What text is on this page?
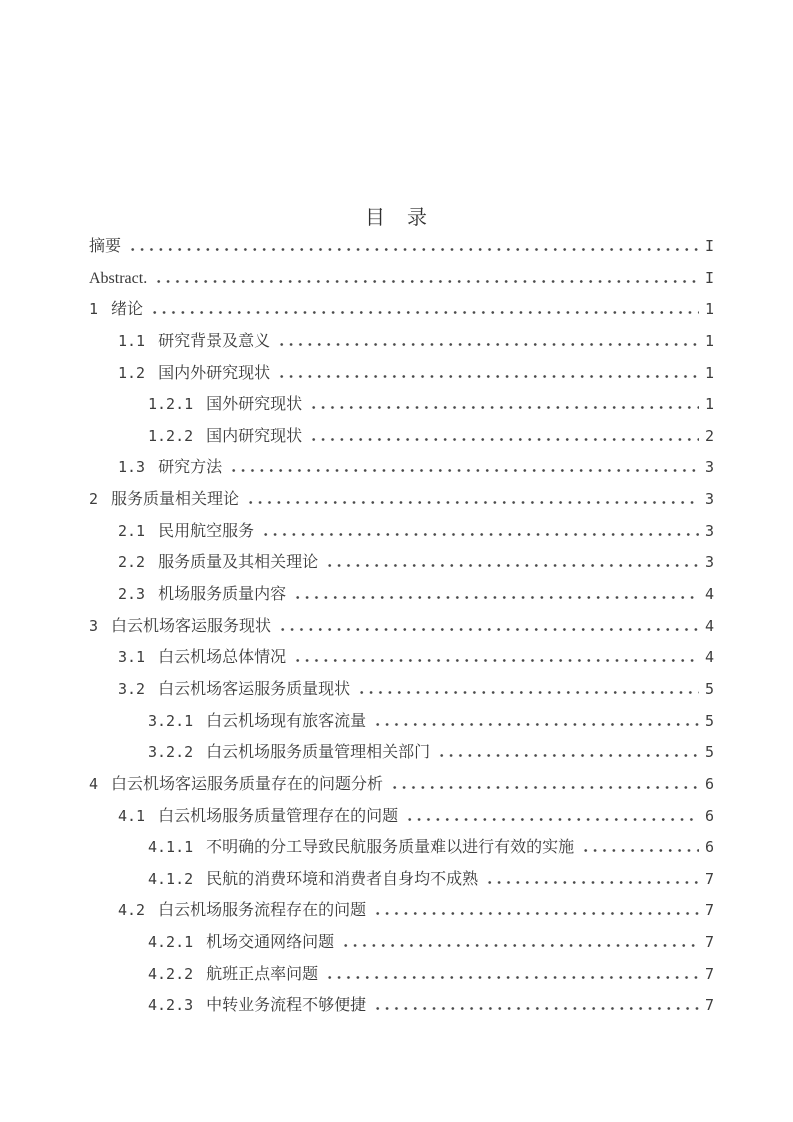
目　录
摘要	I
Abstract.	I
1 绪论	1
1.1 研究背景及意义	1
1.2 国内外研究现状	1
1.2.1 国外研究现状	1
1.2.2 国内研究现状	2
1.3 研究方法	3
2 服务质量相关理论	3
2.1 民用航空服务	3
2.2 服务质量及其相关理论	3
2.3 机场服务质量内容	4
3 白云机场客运服务现状	4
3.1 白云机场总体情况	4
3.2 白云机场客运服务质量现状	5
3.2.1 白云机场现有旅客流量	5
3.2.2 白云机场服务质量管理相关部门	5
4 白云机场客运服务质量存在的问题分析	6
4.1 白云机场服务质量管理存在的问题	6
4.1.1 不明确的分工导致民航服务质量难以进行有效的实施	6
4.1.2 民航的消费环境和消费者自身均不成熟	7
4.2 白云机场服务流程存在的问题	7
4.2.1 机场交通网络问题	7
4.2.2 航班正点率问题	7
4.2.3 中转业务流程不够便捷	7
